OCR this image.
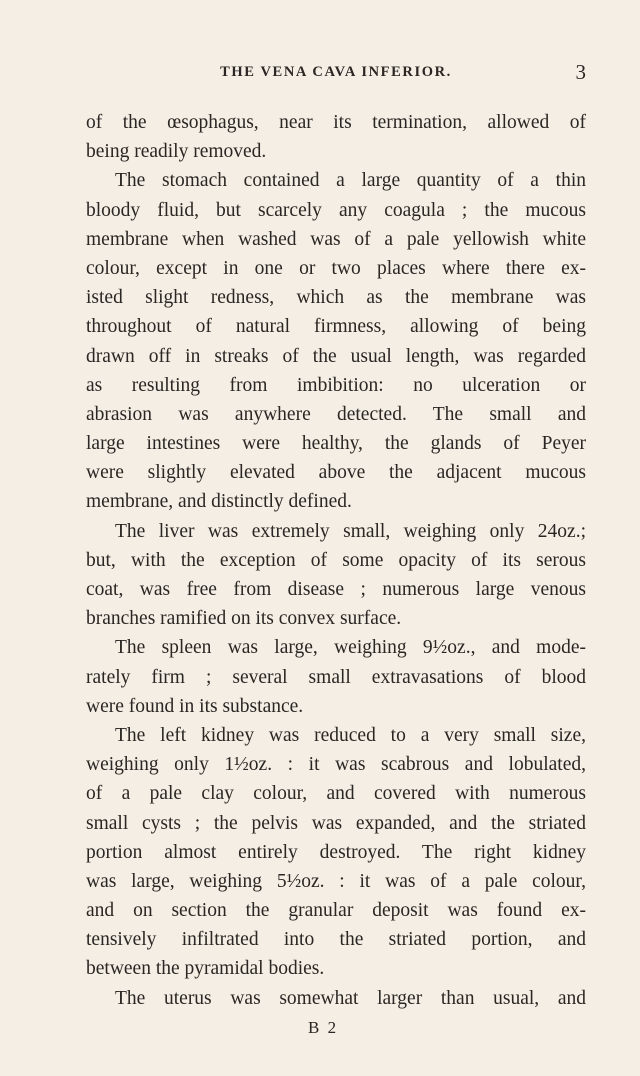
THE VENA CAVA INFERIOR.	3
of the œsophagus, near its termination, allowed of
being readily removed.
The stomach contained a large quantity of a thin
bloody fluid, but scarcely any coagula ; the mucous
membrane when washed was of a pale yellowish white
colour, except in one or two places where there ex-
isted slight redness, which as the membrane was
throughout of natural firmness, allowing of being
drawn off in streaks of the usual length, was regarded
as resulting from imbibition: no ulceration or
abrasion was anywhere detected. The small and
large intestines were healthy, the glands of Peyer
were slightly elevated above the adjacent mucous
membrane, and distinctly defined.
The liver was extremely small, weighing only 24oz.;
but, with the exception of some opacity of its serous
coat, was free from disease ; numerous large venous
branches ramified on its convex surface.
The spleen was large, weighing 9½oz., and mode-
rately firm ; several small extravasations of blood
were found in its substance.
The left kidney was reduced to a very small size,
weighing only 1½oz. : it was scabrous and lobulated,
of a pale clay colour, and covered with numerous
small cysts ; the pelvis was expanded, and the striated
portion almost entirely destroyed. The right kidney
was large, weighing 5½oz. : it was of a pale colour,
and on section the granular deposit was found ex-
tensively infiltrated into the striated portion, and
between the pyramidal bodies.
The uterus was somewhat larger than usual, and
B 2
